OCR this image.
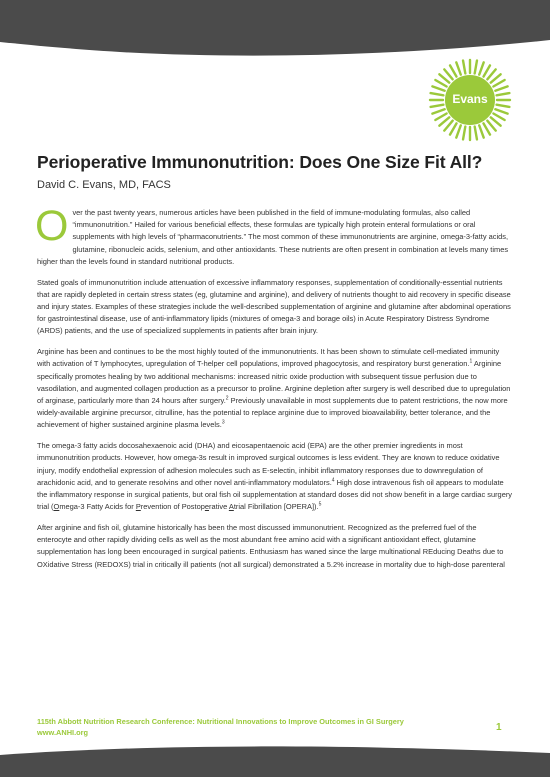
Evans
Perioperative Immunonutrition: Does One Size Fit All?
David C. Evans, MD, FACS

Over the past twenty years, numerous articles have been published in the field of immune-modulating formulas, also called “immunonutrition.” Hailed for various beneficial effects, these formulas are typically high protein enteral formulations or oral supplements with high levels of “pharmaconutrients.” The most common of these immunonutrients are arginine, omega-3-fatty acids, glutamine, ribonucleic acids, selenium, and other antioxidants. These nutrients are often present in combination at levels many times higher than the levels found in standard nutritional products.

Stated goals of immunonutrition include attenuation of excessive inflammatory responses, supplementation of conditionally-essential nutrients that are rapidly depleted in certain stress states (eg, glutamine and arginine), and delivery of nutrients thought to aid recovery in specific disease and injury states. Examples of these strategies include the well-described supplementation of arginine and glutamine after abdominal operations for gastrointestinal disease, use of anti-inflammatory lipids (mixtures of omega-3 and borage oils) in Acute Respiratory Distress Syndrome (ARDS) patients, and the use of specialized supplements in patients after brain injury.

Arginine has been and continues to be the most highly touted of the immunonutrients. It has been shown to stimulate cell-mediated immunity with activation of T lymphocytes, upregulation of T-helper cell populations, improved phagocytosis, and respiratory burst generation.$^1$ Arginine specifically promotes healing by two additional mechanisms: increased nitric oxide production with subsequent tissue perfusion due to vasodilation, and augmented collagen production as a precursor to proline. Arginine depletion after surgery is well described due to upregulation of arginase, particularly more than 24 hours after surgery.$^2$ Previously unavailable in most supplements due to patent restrictions, the now more widely-available arginine precursor, citrulline, has the potential to replace arginine due to improved bioavailability, better tolerance, and the achievement of higher sustained arginine plasma levels.$^3$

The omega-3 fatty acids docosahexaenoic acid (DHA) and eicosapentaenoic acid (EPA) are the other premier ingredients in most immunonutrition products. However, how omega-3s result in improved surgical outcomes is less evident. They are known to reduce oxidative injury, modify endothelial expression of adhesion molecules such as E-selectin, inhibit inflammatory responses due to downregulation of arachidonic acid, and to generate resolvins and other novel anti-inflammatory modulators.$^4$ High dose intravenous fish oil appears to modulate the inflammatory response in surgical patients, but oral fish oil supplementation at standard doses did not show benefit in a large cardiac surgery trial (Omega-3 Fatty Acids for Prevention of Postoperative Atrial Fibrillation [OPERA]).$^5$

After arginine and fish oil, glutamine historically has been the most discussed immunonutrient. Recognized as the preferred fuel of the enterocyte and other rapidly dividing cells as well as the most abundant free amino acid with a significant antioxidant effect, glutamine supplementation has long been encouraged in surgical patients. Enthusiasm has waned since the large multinational REducing Deaths due to OXidative Stress (REDOXS) trial in critically ill patients (not all surgical) demonstrated a 5.2% increase in mortality due to high-dose parenteral

115th Abbott Nutrition Research Conference: Nutritional Innovations to Improve Outcomes in GI Surgery
www.ANHI.org	1
